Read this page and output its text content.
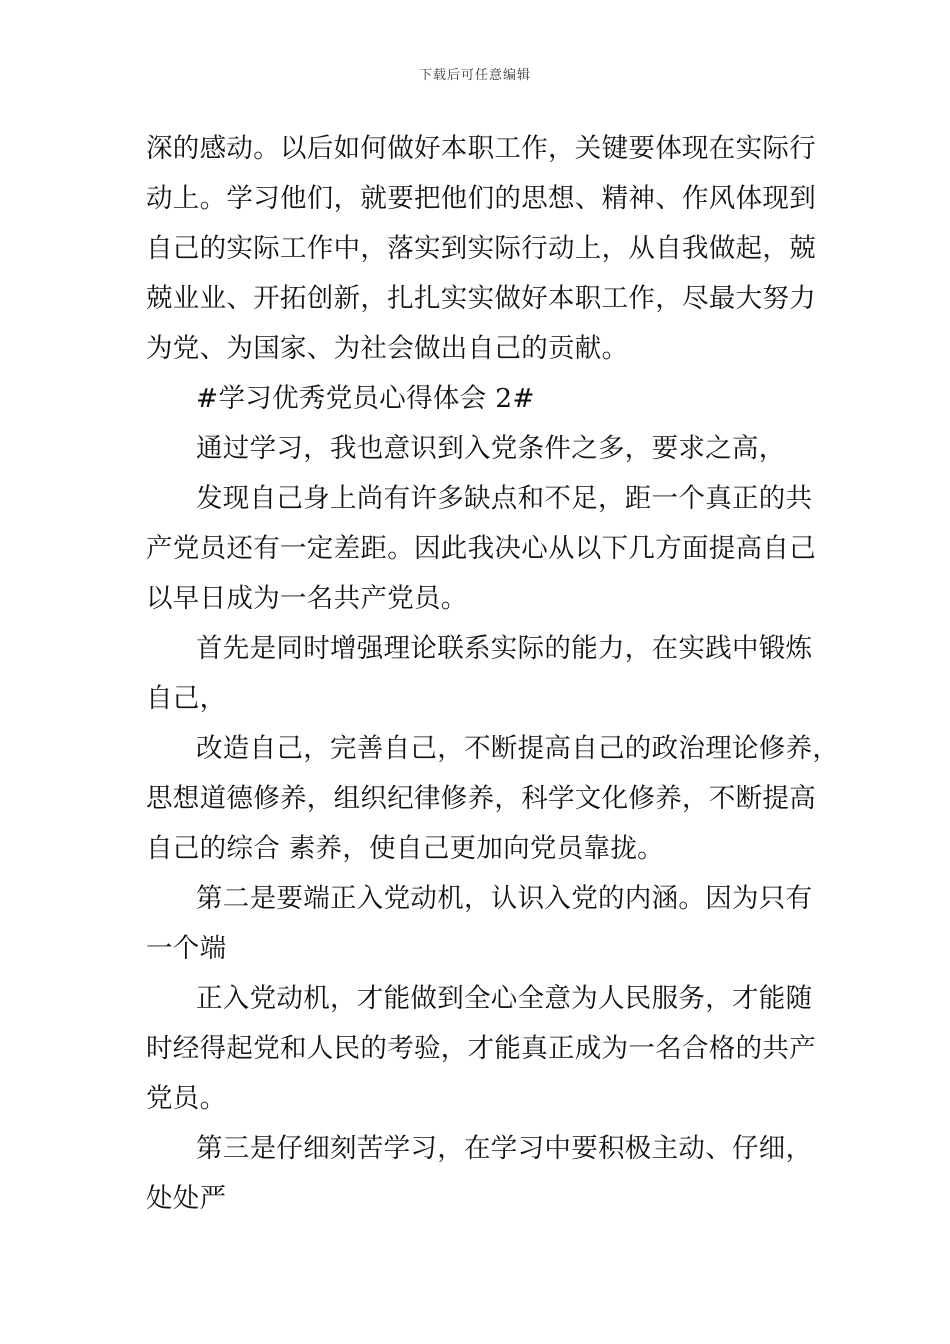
下载后可任意编辑
深的感动。以后如何做好本职工作，关键要体现在实际行
动上。学习他们，就要把他们的思想、精神、作风体现到
自己的实际工作中，落实到实际行动上，从自我做起，兢
兢业业、开拓创新，扎扎实实做好本职工作，尽最大努力
为党、为国家、为社会做出自己的贡献。
#学习优秀党员心得体会 2#
通过学习，我也意识到入党条件之多，要求之高，
发现自己身上尚有许多缺点和不足，距一个真正的共
产党员还有一定差距。因此我决心从以下几方面提高自己
以早日成为一名共产党员。
首先是同时增强理论联系实际的能力，在实践中锻炼
自己，
改造自己，完善自己，不断提高自己的政治理论修养，
思想道德修养，组织纪律修养，科学文化修养，不断提高
自己的综合 素养，使自己更加向党员靠拢。
第二是要端正入党动机，认识入党的内涵。因为只有
一个端
正入党动机，才能做到全心全意为人民服务，才能随
时经得起党和人民的考验，才能真正成为一名合格的共产
党员。
第三是仔细刻苦学习，在学习中要积极主动、仔细，
处处严
